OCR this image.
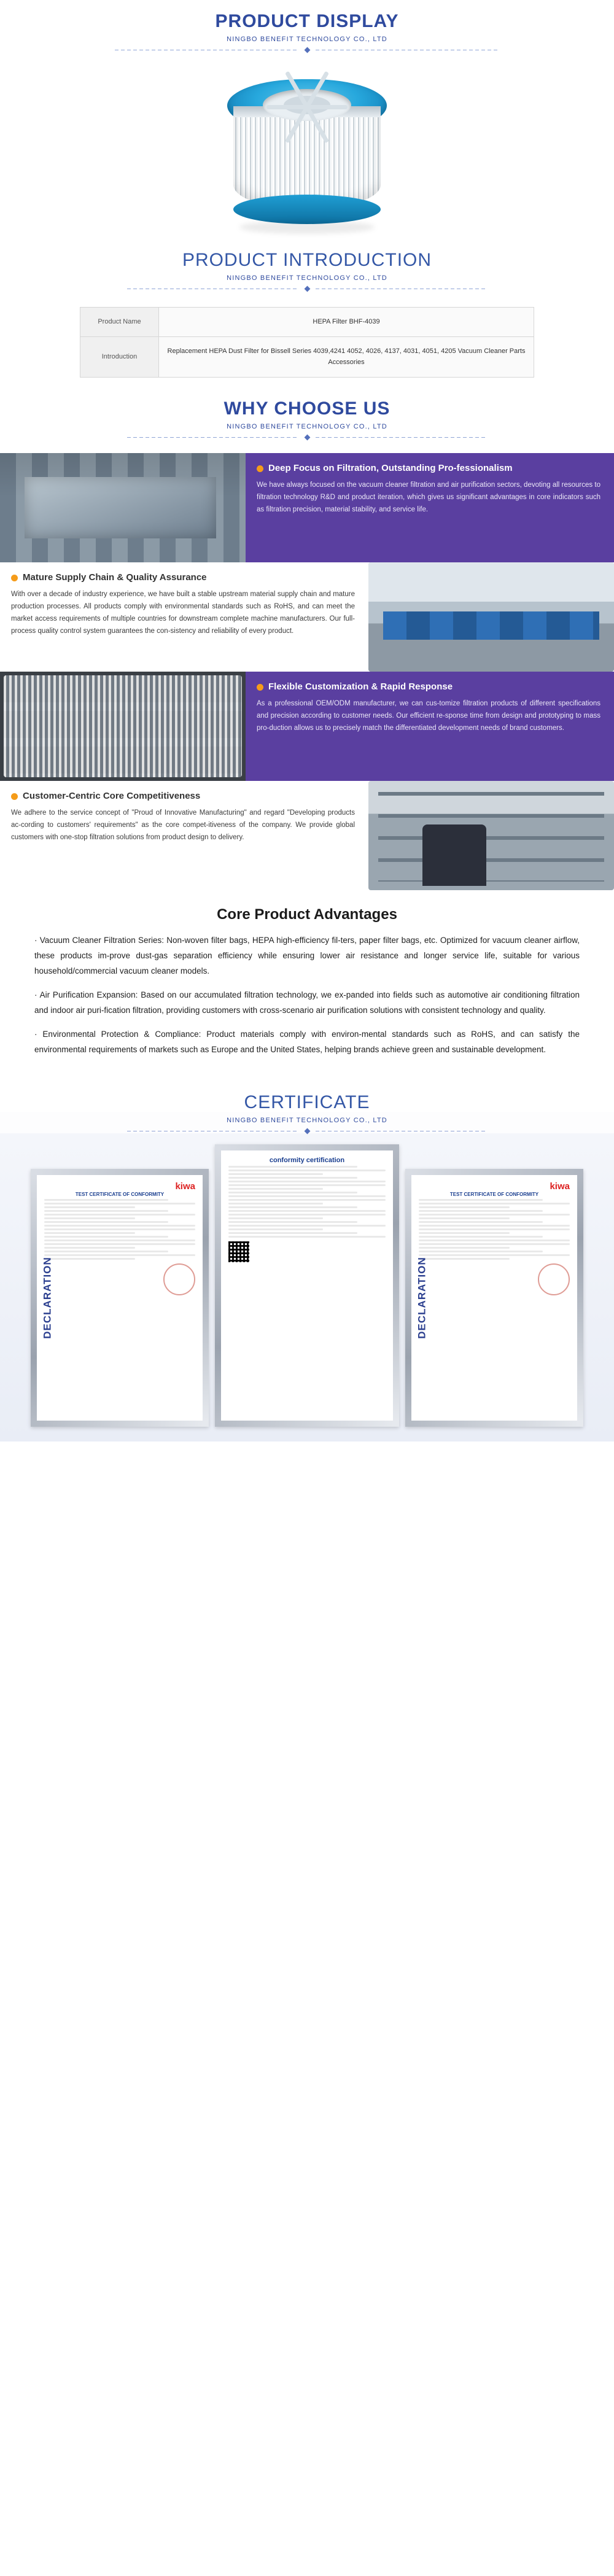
PRODUCT DISPLAY
NINGBO BENEFIT TECHNOLOGY CO., LTD
PRODUCT INTRODUCTION
NINGBO BENEFIT TECHNOLOGY CO., LTD
Product Name	HEPA Filter BHF-4039
Introduction	Replacement HEPA Dust Filter for Bissell Series 4039,4241 4052, 4026, 4137, 4031, 4051, 4205 Vacuum Cleaner Parts Accessories
WHY CHOOSE US
NINGBO BENEFIT TECHNOLOGY CO., LTD
Deep Focus on Filtration, Outstanding Pro-fessionalism

We have always focused on the vacuum cleaner filtration and air purification sectors, devoting all resources to filtration technology R&D and product iteration, which gives us significant advantages in core indicators such as filtration precision, material stability, and service life.

Mature Supply Chain & Quality Assurance

With over a decade of industry experience, we have built a stable upstream material supply chain and mature production processes. All products comply with environmental standards such as RoHS, and can meet the market access requirements of multiple countries for downstream complete machine manufacturers. Our full-process quality control system guarantees the con-sistency and reliability of every product.

Flexible Customization & Rapid Response

As a professional OEM/ODM manufacturer, we can cus-tomize filtration products of different specifications and precision according to customer needs. Our efficient re-sponse time from design and prototyping to mass pro-duction allows us to precisely match the differentiated development needs of brand customers.

Customer-Centric Core Competitiveness

We adhere to the service concept of "Proud of Innovative Manufacturing" and regard "Developing products ac-cording to customers' requirements" as the core compet-itiveness of the company. We provide global customers with one-stop filtration solutions from product design to delivery.

Core Product Advantages

· Vacuum Cleaner Filtration Series: Non-woven filter bags, HEPA high-efficiency fil-ters, paper filter bags, etc. Optimized for vacuum cleaner airflow, these products im-prove dust-gas separation efficiency while ensuring lower air resistance and longer service life, suitable for various household/commercial vacuum cleaner models.

· Air Purification Expansion: Based on our accumulated filtration technology, we ex-panded into fields such as automotive air conditioning filtration and indoor air puri-fication filtration, providing customers with cross-scenario air purification solutions with consistent technology and quality.

· Environmental Protection & Compliance: Product materials comply with environ-mental standards such as RoHS, and can satisfy the environmental requirements of markets such as Europe and the United States, helping brands achieve green and sustainable development.

CERTIFICATE
NINGBO BENEFIT TECHNOLOGY CO., LTD
kiwa
TEST CERTIFICATE OF CONFORMITY
DECLARATION
conformity certification
kiwa
TEST CERTIFICATE OF CONFORMITY
DECLARATION
